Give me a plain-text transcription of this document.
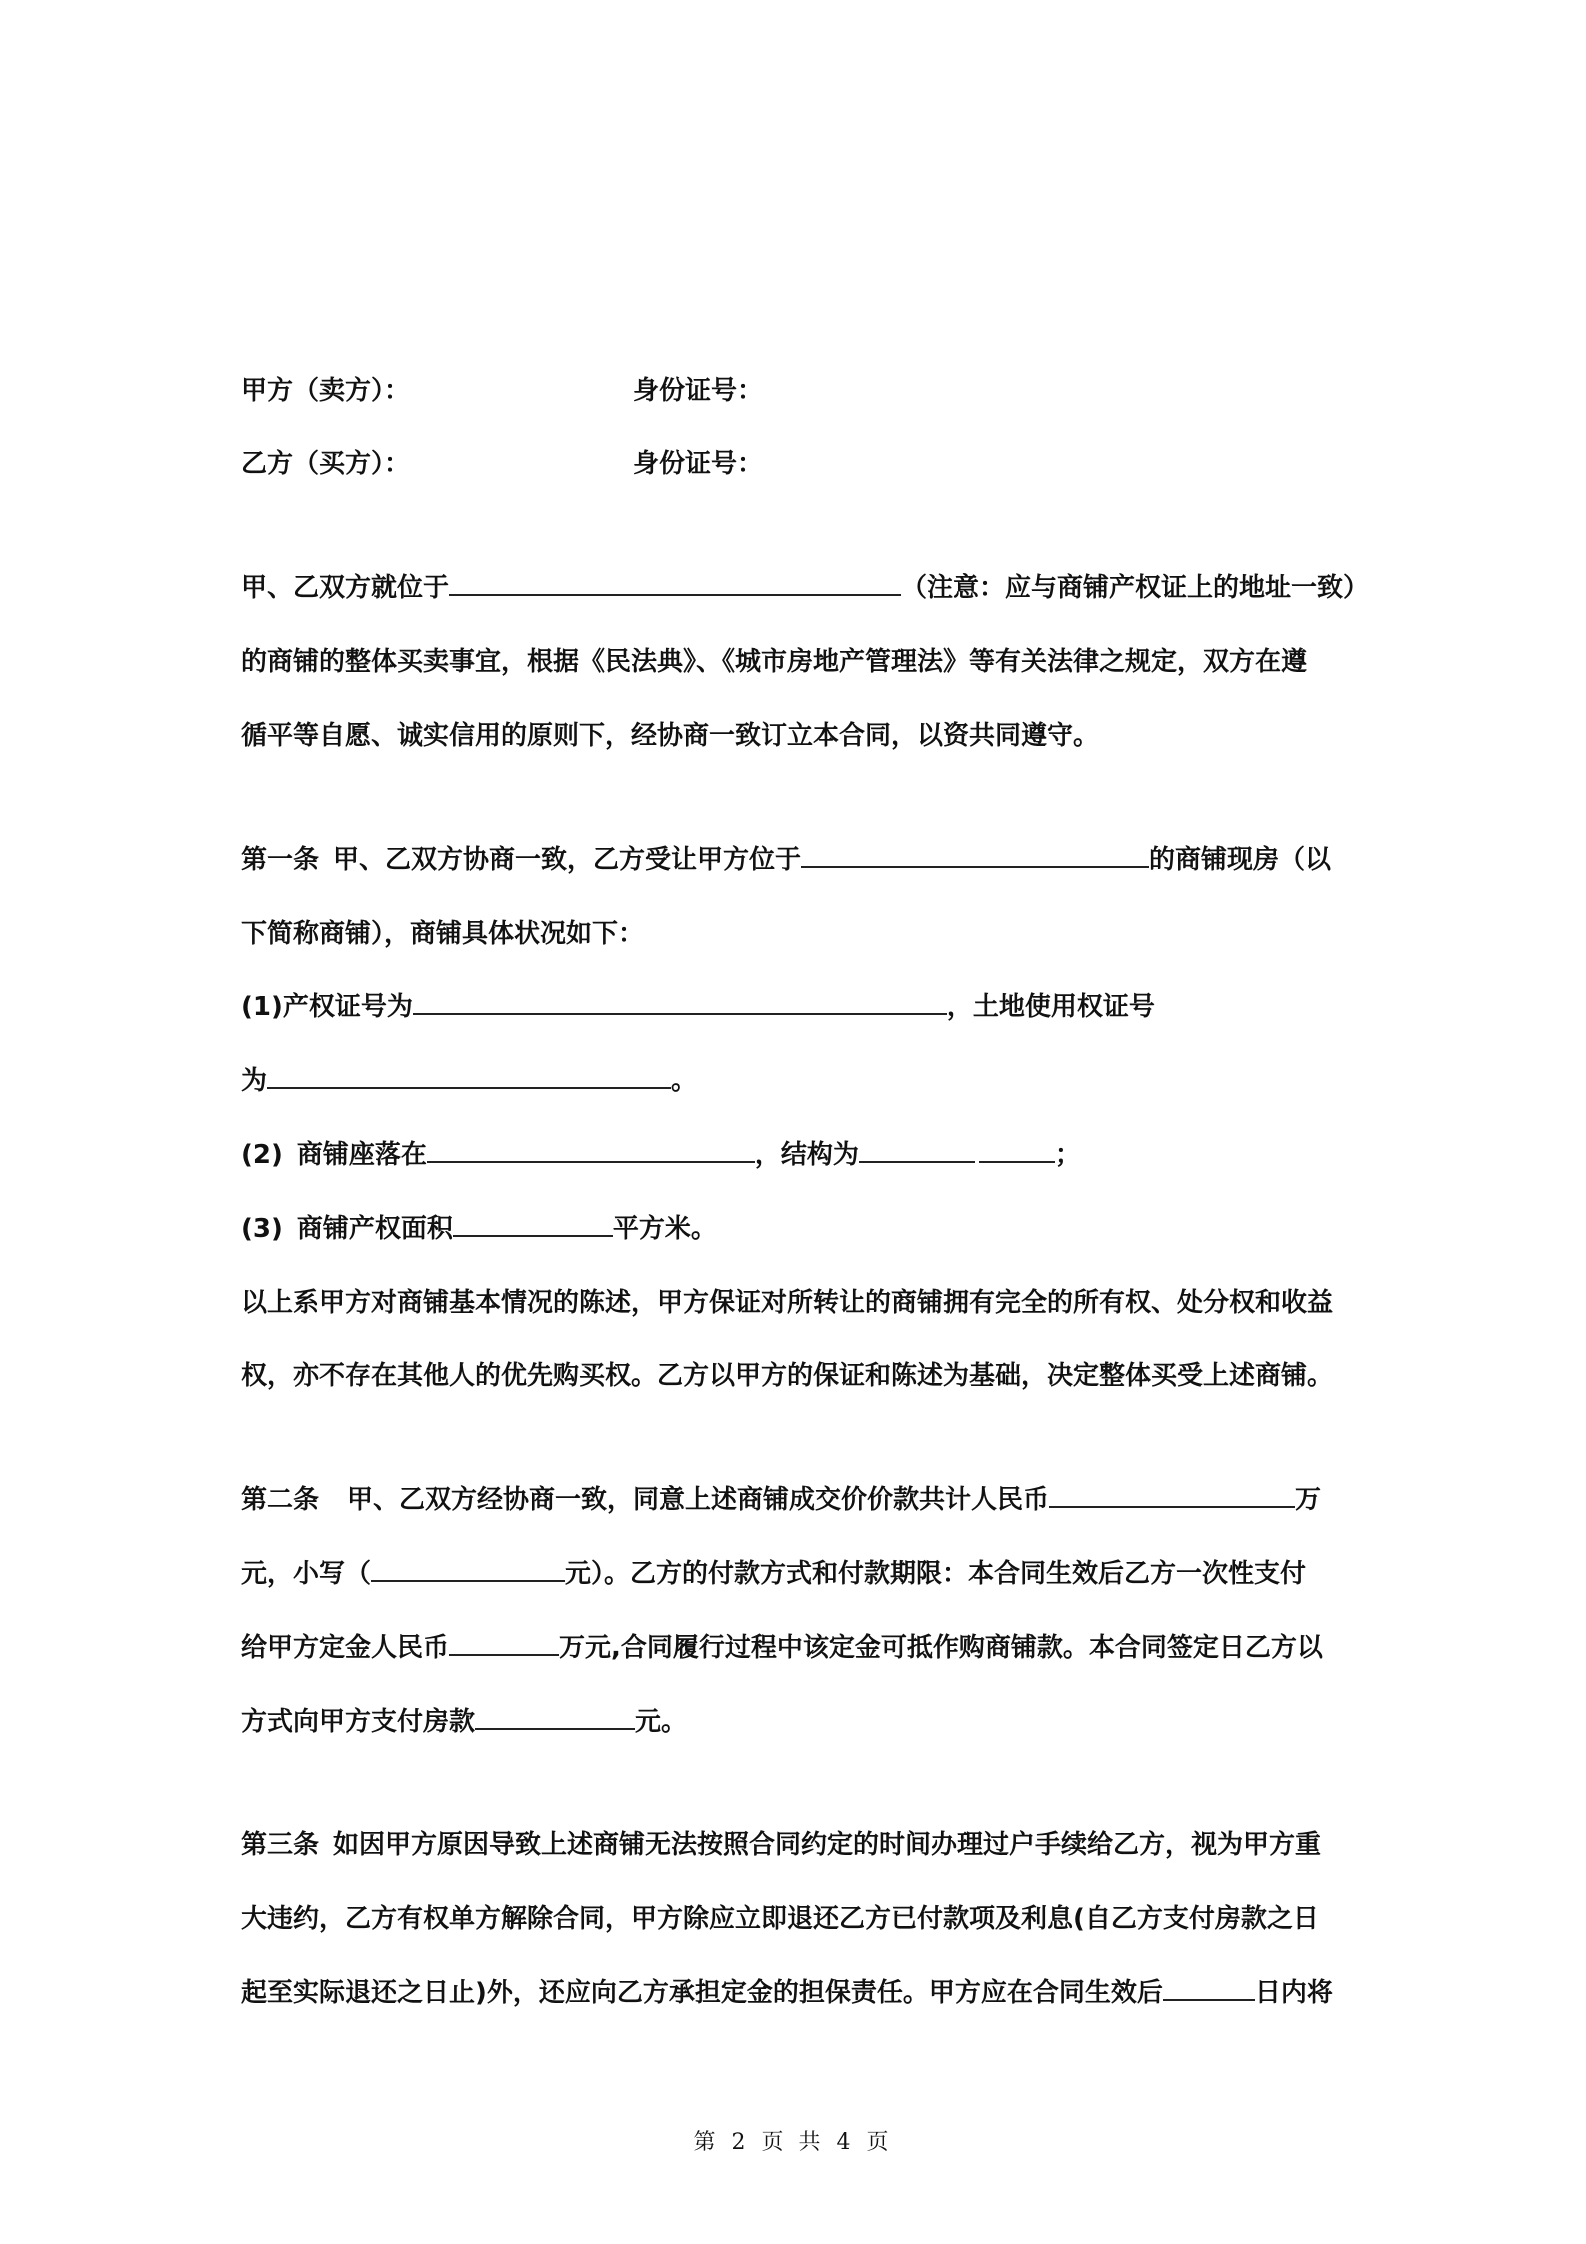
甲方（卖方）：	身份证号：
乙方（买方）：	身份证号：
甲、乙双方就位于	（注意：应与商铺产权证上的地址一致）
的商铺的整体买卖事宜，根据《民法典》、《城市房地产管理法》等有关法律之规定，双方在遵
循平等自愿、诚实信用的原则下，经协商一致订立本合同，以资共同遵守。
第一条 甲、乙双方协商一致，乙方受让甲方位于	的商铺现房（以
下简称商铺），商铺具体状况如下：
(1)产权证号为	，土地使用权证号
为	。
(2) 商铺座落在	，结构为	；
(3) 商铺产权面积	平方米。
以上系甲方对商铺基本情况的陈述，甲方保证对所转让的商铺拥有完全的所有权、处分权和收益
权，亦不存在其他人的优先购买权。乙方以甲方的保证和陈述为基础，决定整体买受上述商铺。
第二条 甲、乙双方经协商一致，同意上述商铺成交价价款共计人民币	万
元，小写（	元）。乙方的付款方式和付款期限：本合同生效后乙方一次性支付
给甲方定金人民币	万元,合同履行过程中该定金可抵作购商铺款。本合同签定日乙方以
方式向甲方支付房款	元。
第三条 如因甲方原因导致上述商铺无法按照合同约定的时间办理过户手续给乙方，视为甲方重
大违约，乙方有权单方解除合同，甲方除应立即退还乙方已付款项及利息(自乙方支付房款之日
起至实际退还之日止)外，还应向乙方承担定金的担保责任。甲方应在合同生效后	日内将
第 2 页 共 4 页
